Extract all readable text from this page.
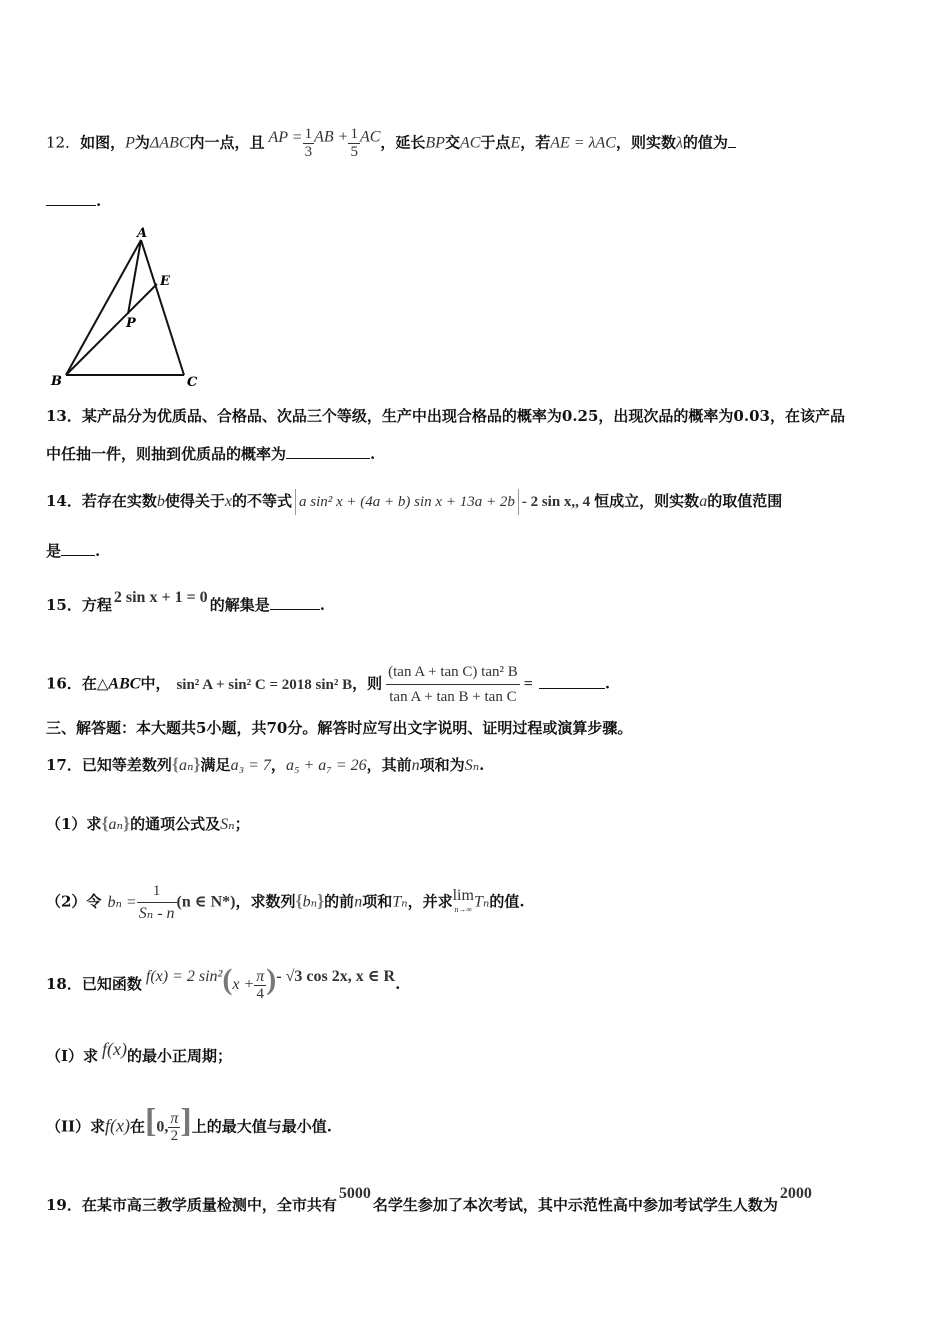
12．如图，P为ΔABC内一点，且 AP = $\frac{1}{3}$ AB + $\frac{1}{5}$ AC，延长BP交AC于点E，若AE = λAC，则实数λ的值为
.
A
B	C
E
P
13．某产品分为优质品、合格品、次品三个等级，生产中出现合格品的概率为0.25，出现次品的概率为0.03，在该产品
中任抽一件，则抽到优质品的概率为	.
14．若存在实数b使得关于x的不等式 a sin² x + (4a + b) sin x + 13a + 2b - 2 sin x,, 4 恒成立，则实数a的取值范围
是 .
15．方程 2 sin x + 1 = 0 的解集是	.
16．在△ABC中， sin² A + sin² C = 2018 sin² B，则 $\frac{\text{(tan A + tan C) tan² B}}{\text{tan A + tan B + tan C}}$ =	.
三、解答题：本大题共5小题，共70分。解答时应写出文字说明、证明过程或演算步骤。
17．已知等差数列{aₙ}满足a₃ = 7，a₅ + a₇ = 26，其前n项和为Sₙ.
（1）求{aₙ}的通项公式及Sₙ；
（2）令 $b_n = \frac{1}{\text{Sₙ - n}} (n$ ∈ N*)，求数列{bₙ}的前n项和Tₙ，并求 lim
n→∞ Tₙ的值.
18．已知函数 f(x) = 2 $\sin^2(x + \frac{\pi}{4}$ )- √3 cos 2x, x ∈ R.
（I）求 f(x)的最小正周期；
（II）求f(x)在[0, $\frac{\pi}{2}$ ]上的最大值与最小值.
19．在某市高三教学质量检测中，全市共有5000名学生参加了本次考试，其中示范性高中参加考试学生人数为2000
